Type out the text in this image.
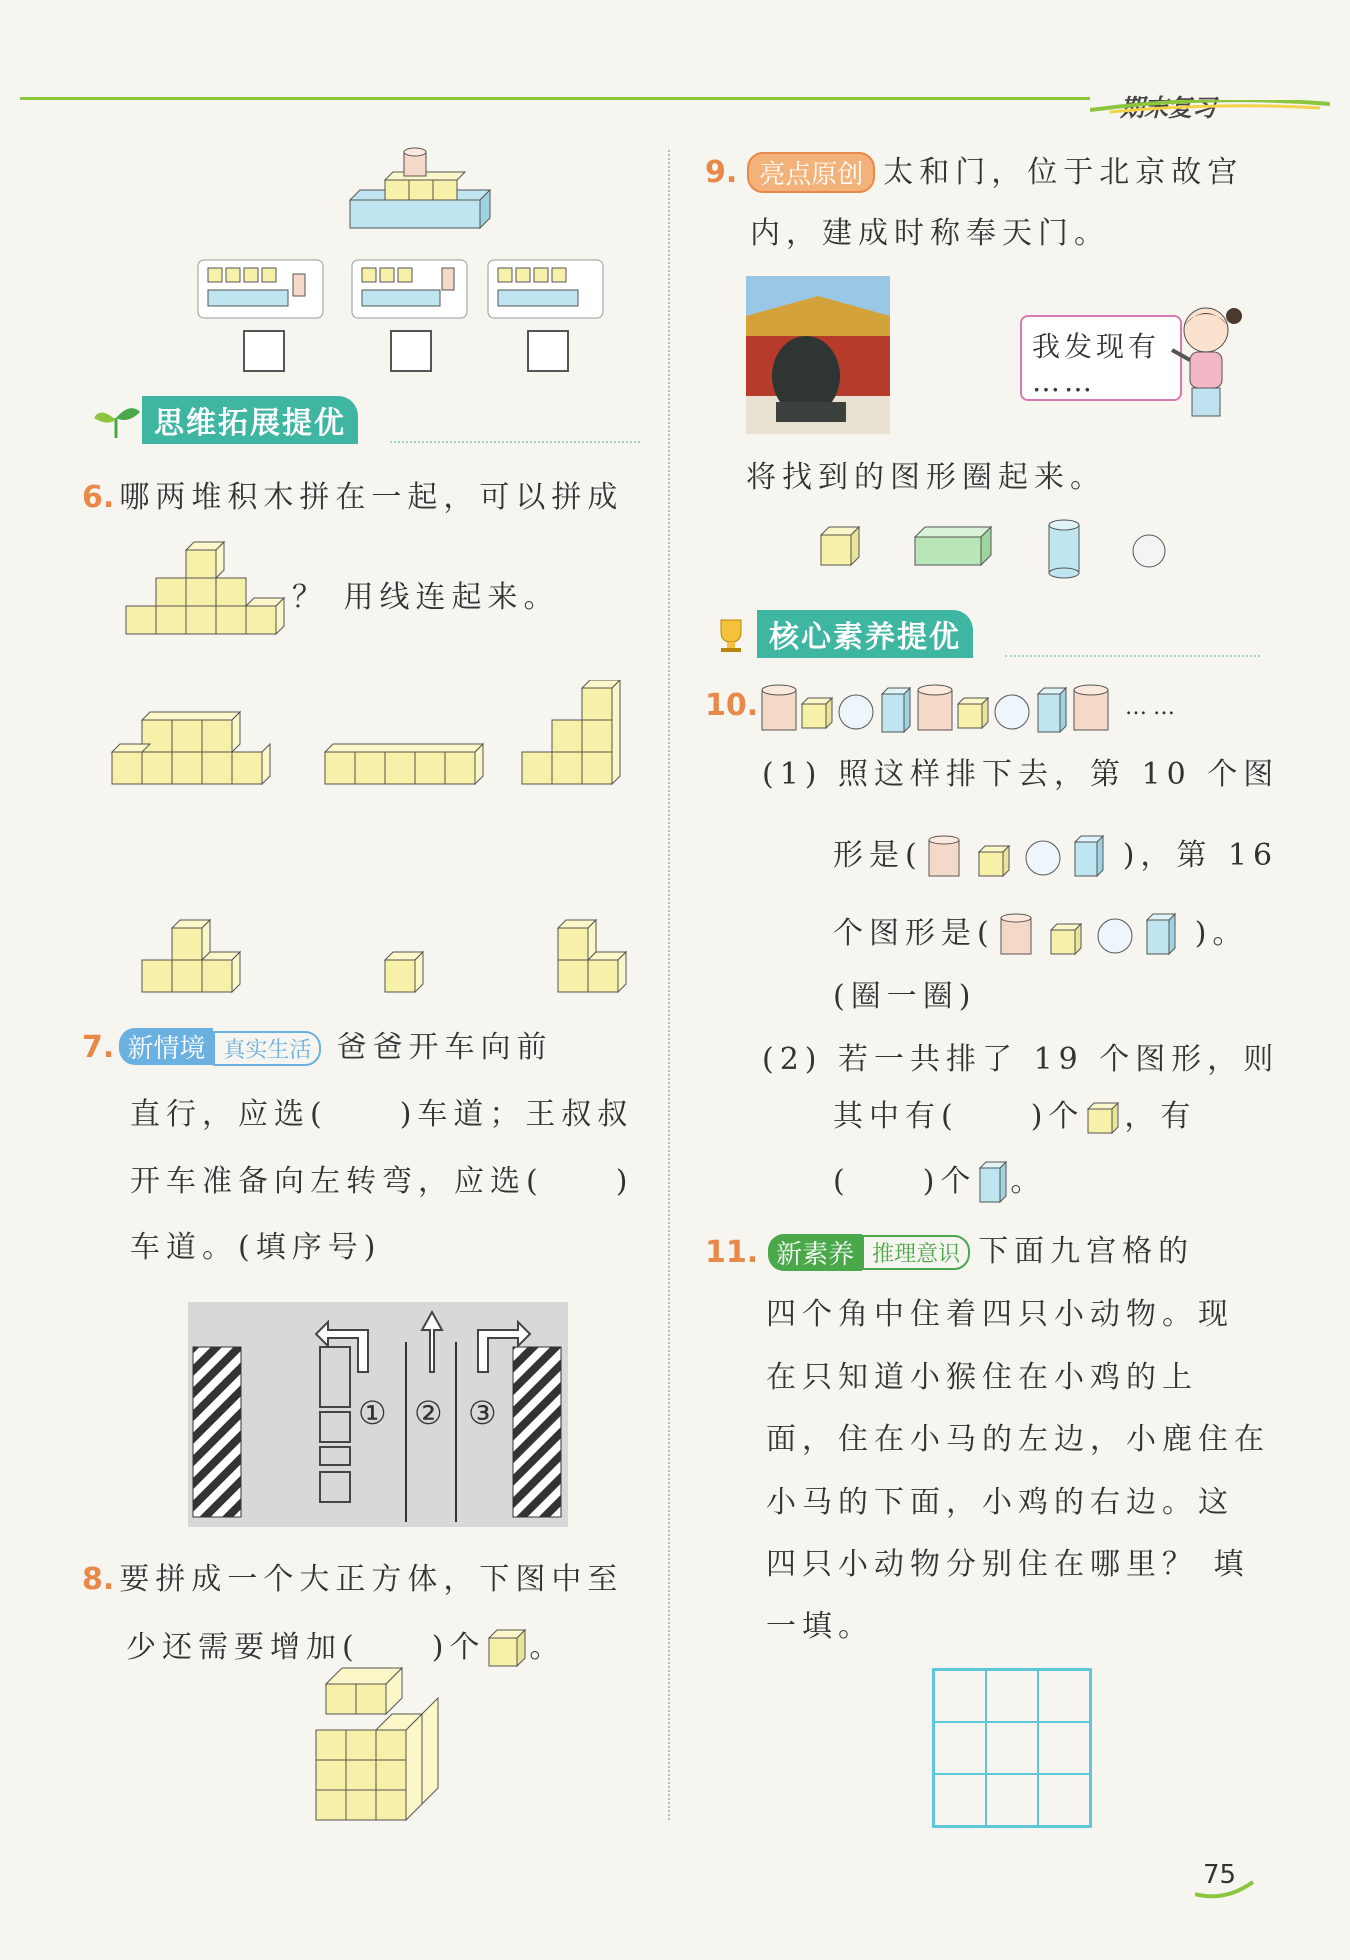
期末复习
思维拓展提优
6. 哪两堆积木拼在一起，可以拼成
？ 用线连起来。
7. 新情境 真实生活 爸爸开车向前
直行，应选(　　)车道；王叔叔
开车准备向左转弯，应选(　　)
车道。(填序号)
① ② ③
8. 要拼成一个大正方体，下图中至
少还需要增加(　　)个 。
9. 亮点原创 太和门，位于北京故宫
内，建成时称奉天门。
我发现有
……
将找到的图形圈起来。
核心素养提优
10.	……
(1) 照这样排下去，第 10 个图
形是(	)，第 16
个图形是(	)。
(圈一圈)
(2) 若一共排了 19 个图形，则
其中有(　　)个 ，有
(　　)个 。
11. 新素养 推理意识 下面九宫格的
四个角中住着四只小动物。现
在只知道小猴住在小鸡的上
面，住在小马的左边，小鹿住在
小马的下面，小鸡的右边。这
四只小动物分别住在哪里？ 填
一填。
75
